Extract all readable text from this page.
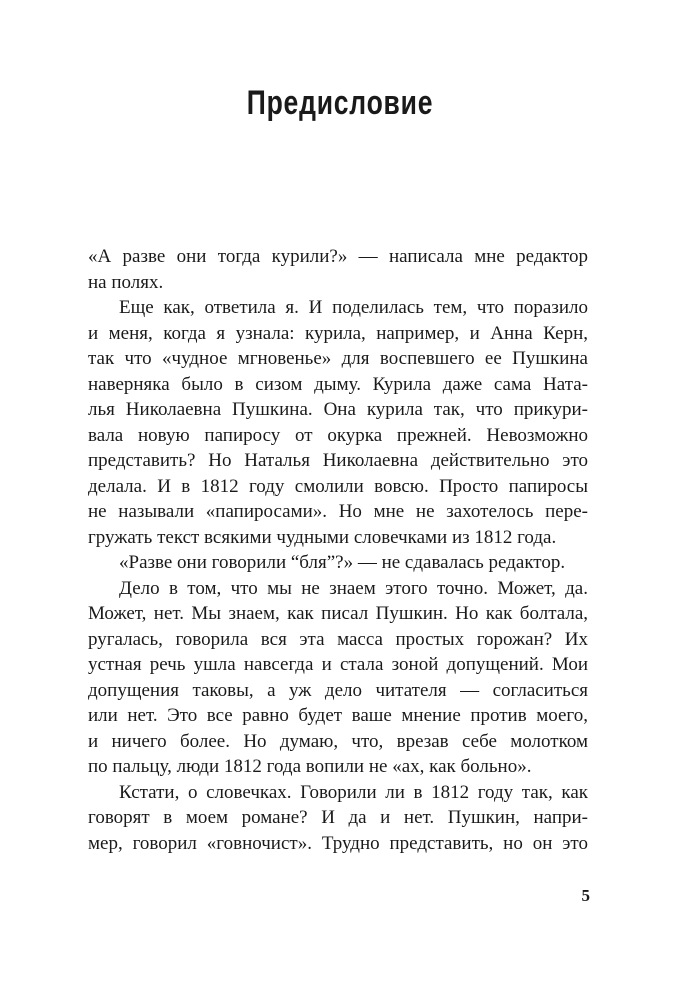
Предисловие
«А разве они тогда курили?» — написала мне редактор
на полях.
Еще как, ответила я. И поделилась тем, что поразило
и меня, когда я узнала: курила, например, и Анна Керн,
так что «чудное мгновенье» для воспевшего ее Пушкина
наверняка было в сизом дыму. Курила даже сама Ната-
лья Николаевна Пушкина. Она курила так, что прикури-
вала новую папиросу от окурка прежней. Невозможно
представить? Но Наталья Николаевна действительно это
делала. И в 1812 году смолили вовсю. Просто папиросы
не называли «папиросами». Но мне не захотелось пере-
гружать текст всякими чудными словечками из 1812 года.
«Разве они говорили “бля”?» — не сдавалась редактор.
Дело в том, что мы не знаем этого точно. Может, да.
Может, нет. Мы знаем, как писал Пушкин. Но как болтала,
ругалась, говорила вся эта масса простых горожан? Их
устная речь ушла навсегда и стала зоной допущений. Мои
допущения таковы, а уж дело читателя — согласиться
или нет. Это все равно будет ваше мнение против моего,
и ничего более. Но думаю, что, врезав себе молотком
по пальцу, люди 1812 года вопили не «ах, как больно».
Кстати, о словечках. Говорили ли в 1812 году так, как
говорят в моем романе? И да и нет. Пушкин, напри-
мер, говорил «говночист». Трудно представить, но он это
5
